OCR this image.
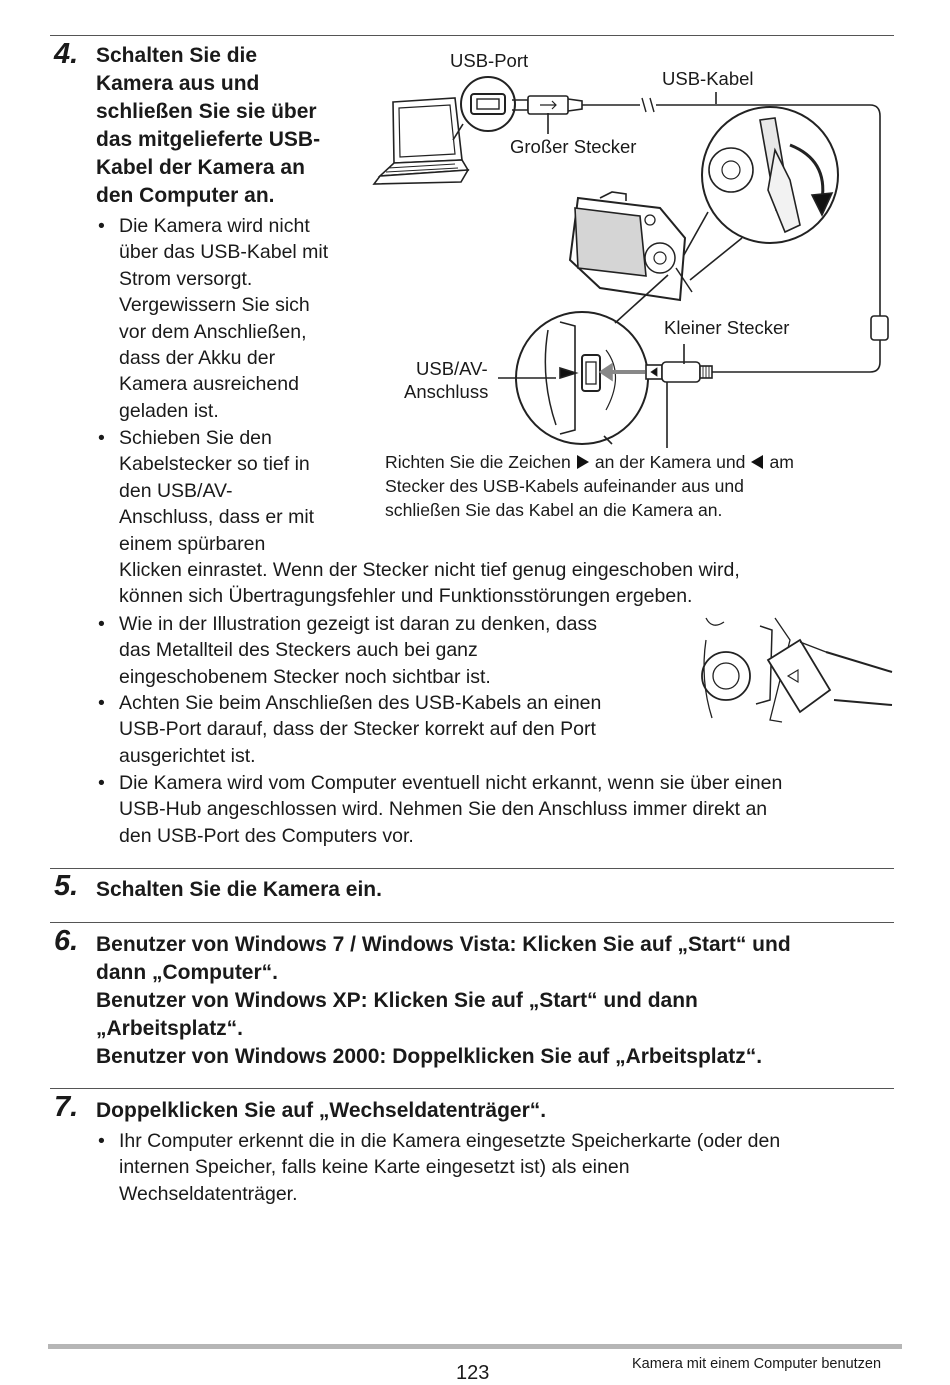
4. Schalten Sie die
Kamera aus und
schließen Sie sie über
das mitgelieferte USB-
Kabel der Kamera an
den Computer an.
• Die Kamera wird nicht
über das USB-Kabel mit
Strom versorgt.
Vergewissern Sie sich
vor dem Anschließen,
dass der Akku der
Kamera ausreichend
geladen ist.
• Schieben Sie den
Kabelstecker so tief in
den USB/AV-
Anschluss, dass er mit
einem spürbaren
Klicken einrastet. Wenn der Stecker nicht tief genug eingeschoben wird,
können sich Übertragungsfehler und Funktionsstörungen ergeben.
• Wie in der Illustration gezeigt ist daran zu denken, dass
das Metallteil des Steckers auch bei ganz
eingeschobenem Stecker noch sichtbar ist.
• Achten Sie beim Anschließen des USB-Kabels an einen
USB-Port darauf, dass der Stecker korrekt auf den Port
ausgerichtet ist.
• Die Kamera wird vom Computer eventuell nicht erkannt, wenn sie über einen
USB-Hub angeschlossen wird. Nehmen Sie den Anschluss immer direkt an
den USB-Port des Computers vor.
USB-Port
USB-Kabel
Großer Stecker
Kleiner Stecker
USB/AV-
Anschluss
Richten Sie die Zeichen an der Kamera und am
Stecker des USB-Kabels aufeinander aus und
schließen Sie das Kabel an die Kamera an.
5. Schalten Sie die Kamera ein.
6. Benutzer von Windows 7 / Windows Vista: Klicken Sie auf „Start“ und
dann „Computer“.
Benutzer von Windows XP: Klicken Sie auf „Start“ und dann
„Arbeitsplatz“.
Benutzer von Windows 2000: Doppelklicken Sie auf „Arbeitsplatz“.
7. Doppelklicken Sie auf „Wechseldatenträger“.
• Ihr Computer erkennt die in die Kamera eingesetzte Speicherkarte (oder den
internen Speicher, falls keine Karte eingesetzt ist) als einen
Wechseldatenträger.
123	Kamera mit einem Computer benutzen
